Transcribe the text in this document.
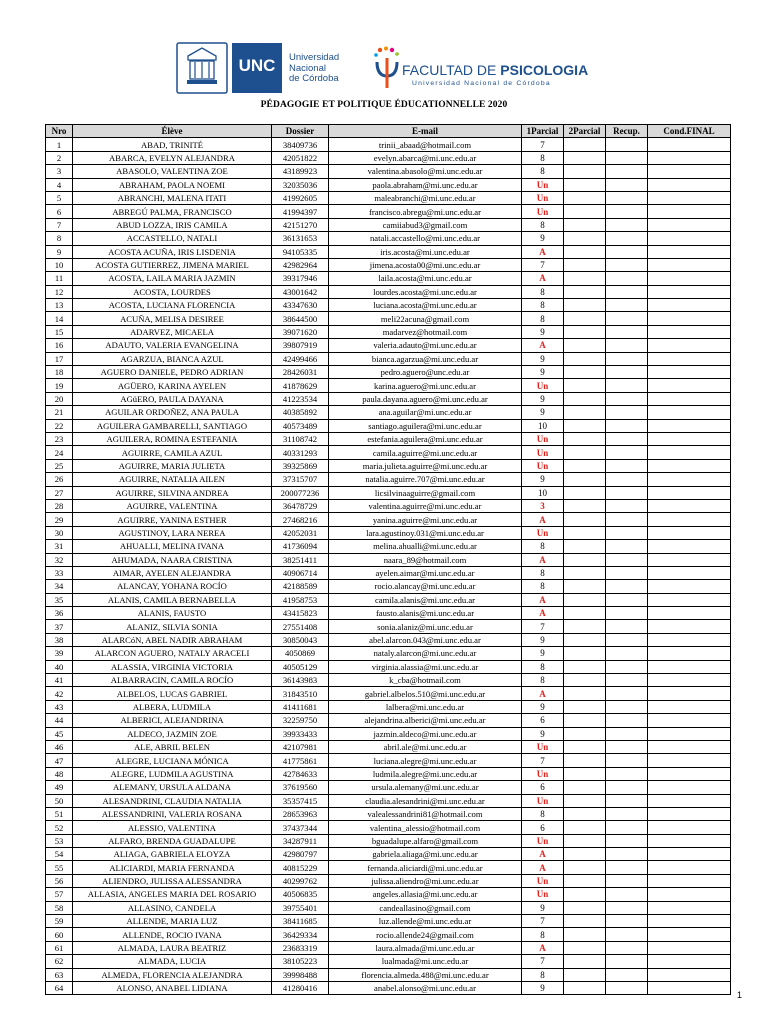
UNC Universidad
Nacional
de Córdoba
FACULTAD DE PSICOLOGIA
Universidad Nacional de Córdoba
PÉDAGOGIE ET POLITIQUE ÉDUCATIONNELLE 2020
Nro	Élève	Dossier	E-mail	1Parcial	2Parcial	Recup.	Cond.FINAL
1	ABAD, TRINITÉ	38409736	trinii_abaad@hotmail.com	7			
2	ABARCA, EVELYN ALEJANDRA	42051822	evelyn.abarca@mi.unc.edu.ar	8			
3	ABASOLO, VALENTINA ZOE	43189923	valentina.abasolo@mi.unc.edu.ar	8			
4	ABRAHAM, PAOLA NOEMI	32035036	paola.abraham@mi.unc.edu.ar	Un			
5	ABRANCHI, MALENA ITATI	41992605	maleabranchi@mi.unc.edu.ar	Un			
6	ABREGÚ PALMA, FRANCISCO	41994397	francisco.abregu@mi.unc.edu.ar	Un			
7	ABUD LOZZA, IRIS CAMILA	42151270	camiiabud3@gmail.com	8			
8	ACCASTELLO, NATALI	36131653	natali.accastello@mi.unc.edu.ar	9			
9	ACOSTA ACUÑA, IRIS LISDENIA	94105335	iris.acosta@mi.unc.edu.ar	A			
10	ACOSTA GUTIERREZ, JIMENA MARIEL	42982964	jimena.acosta00@mi.unc.edu.ar	7			
11	ACOSTA, LAILA MARIA JAZMIN	39317946	laila.acosta@mi.unc.edu.ar	A			
12	ACOSTA, LOURDES	43001642	lourdes.acosta@mi.unc.edu.ar	8			
13	ACOSTA, LUCIANA FLORENCIA	43347630	luciana.acosta@mi.unc.edu.ar	8			
14	ACUÑA, MELISA DESIREE	38644500	meli22acuna@gmail.com	8			
15	ADARVEZ, MICAELA	39071620	madarvez@hotmail.com	9			
16	ADAUTO, VALERIA EVANGELINA	39807919	valeria.adauto@mi.unc.edu.ar	A			
17	AGARZUA, BIANCA AZUL	42499466	bianca.agarzua@mi.unc.edu.ar	9			
18	AGUERO DANIELE, PEDRO ADRIAN	28426031	pedro.aguero@unc.edu.ar	9			
19	AGÜERO, KARINA AYELEN	41878629	karina.aguero@mi.unc.edu.ar	Un			
20	AGüERO, PAULA DAYANA	41223534	paula.dayana.aguero@mi.unc.edu.ar	9			
21	AGUILAR ORDOÑEZ, ANA PAULA	40385892	ana.aguilar@mi.unc.edu.ar	9			
22	AGUILERA GAMBARELLI, SANTIAGO	40573489	santiago.aguilera@mi.unc.edu.ar	10			
23	AGUILERA, ROMINA ESTEFANIA	31108742	estefania.aguilera@mi.unc.edu.ar	Un			
24	AGUIRRE, CAMILA AZUL	40331293	camila.aguirre@mi.unc.edu.ar	Un			
25	AGUIRRE, MARIA JULIETA	39325869	maria.julieta.aguirre@mi.unc.edu.ar	Un			
26	AGUIRRE, NATALIA AILEN	37315707	natalia.aguirre.707@mi.unc.edu.ar	9			
27	AGUIRRE, SILVINA ANDREA	200077236	licsilvinaaguirre@gmail.com	10			
28	AGUIRRE, VALENTINA	36478729	valentina.aguirre@mi.unc.edu.ar	3			
29	AGUIRRE, YANINA ESTHER	27468216	yanina.aguirre@mi.unc.edu.ar	A			
30	AGUSTINOY, LARA NEREA	42052031	lara.agustinoy.031@mi.unc.edu.ar	Un			
31	AHUALLI, MELINA IVANA	41736094	melina.ahualli@mi.unc.edu.ar	8			
32	AHUMADA, NAARA CRISTINA	38251411	naara_89@hotmail.com	A			
33	AIMAR, AYELEN ALEJANDRA	40906714	ayelen.aimar@mi.unc.edu.ar	8			
34	ALANCAY, YOHANA ROCÍO	42188589	rocio.alancay@mi.unc.edu.ar	8			
35	ALANIS, CAMILA BERNABELLA	41958753	camila.alanis@mi.unc.edu.ar	A			
36	ALANIS, FAUSTO	43415823	fausto.alanis@mi.unc.edu.ar	A			
37	ALANIZ, SILVIA SONIA	27551408	sonia.alaniz@mi.unc.edu.ar	7			
38	ALARCóN, ABEL NADIR ABRAHAM	30850043	abel.alarcon.043@mi.unc.edu.ar	9			
39	ALARCON AGUERO, NATALY ARACELI	4050869	nataly.alarcon@mi.unc.edu.ar	9			
40	ALASSIA, VIRGINIA VICTORIA	40505129	virginia.alassia@mi.unc.edu.ar	8			
41	ALBARRACIN, CAMILA ROCÍO	36143983	k_cba@hotmail.com	8			
42	ALBELOS, LUCAS GABRIEL	31843510	gabriel.albelos.510@mi.unc.edu.ar	A			
43	ALBERA, LUDMILA	41411681	lalbera@mi.unc.edu.ar	9			
44	ALBERICI, ALEJANDRINA	32259750	alejandrina.alberici@mi.unc.edu.ar	6			
45	ALDECO, JAZMIN ZOE	39933433	jazmin.aldeco@mi.unc.edu.ar	9			
46	ALE, ABRIL BELEN	42107981	abril.ale@mi.unc.edu.ar	Un			
47	ALEGRE, LUCIANA MÓNICA	41775861	luciana.alegre@mi.unc.edu.ar	7			
48	ALEGRE, LUDMILA AGUSTINA	42784633	ludmila.alegre@mi.unc.edu.ar	Un			
49	ALEMANY, URSULA ALDANA	37619560	ursula.alemany@mi.unc.edu.ar	6			
50	ALESANDRINI, CLAUDIA NATALIA	35357415	claudia.alesandrini@mi.unc.edu.ar	Un			
51	ALESSANDRINI, VALERIA ROSANA	28653963	valealessandrini81@hotmail.com	8			
52	ALESSIO, VALENTINA	37437344	valentina_alessio@hotmail.com	6			
53	ALFARO, BRENDA GUADALUPE	34287911	bguadalupe.alfaro@gmail.com	Un			
54	ALIAGA, GABRIELA ELOYZA	42980797	gabriela.aliaga@mi.unc.edu.ar	A			
55	ALICIARDI, MARIA FERNANDA	40815229	fernanda.aliciardi@mi.unc.edu.ar	A			
56	ALIENDRO, JULISSA ALESSANDRA	40299762	julissa.aliendro@mi.unc.edu.ar	Un			
57	ALLASIA, ANGELES MARIA DEL ROSARIO	40506835	angeles.allasia@mi.unc.edu.ar	Un			
58	ALLASINO, CANDELA	39755401	candeallasino@gmail.com	9			
59	ALLENDE, MARIA LUZ	38411685	luz.allende@mi.unc.edu.ar	7			
60	ALLENDE, ROCIO IVANA	36429334	rocio.allende24@gmail.com	8			
61	ALMADA, LAURA BEATRIZ	23683319	laura.almada@mi.unc.edu.ar	A			
62	ALMADA, LUCIA	38105223	lualmada@mi.unc.edu.ar	7			
63	ALMEDA, FLORENCIA ALEJANDRA	39998488	florencia.almeda.488@mi.unc.edu.ar	8			
64	ALONSO, ANABEL LIDIANA	41280416	anabel.alonso@mi.unc.edu.ar	9			
1
